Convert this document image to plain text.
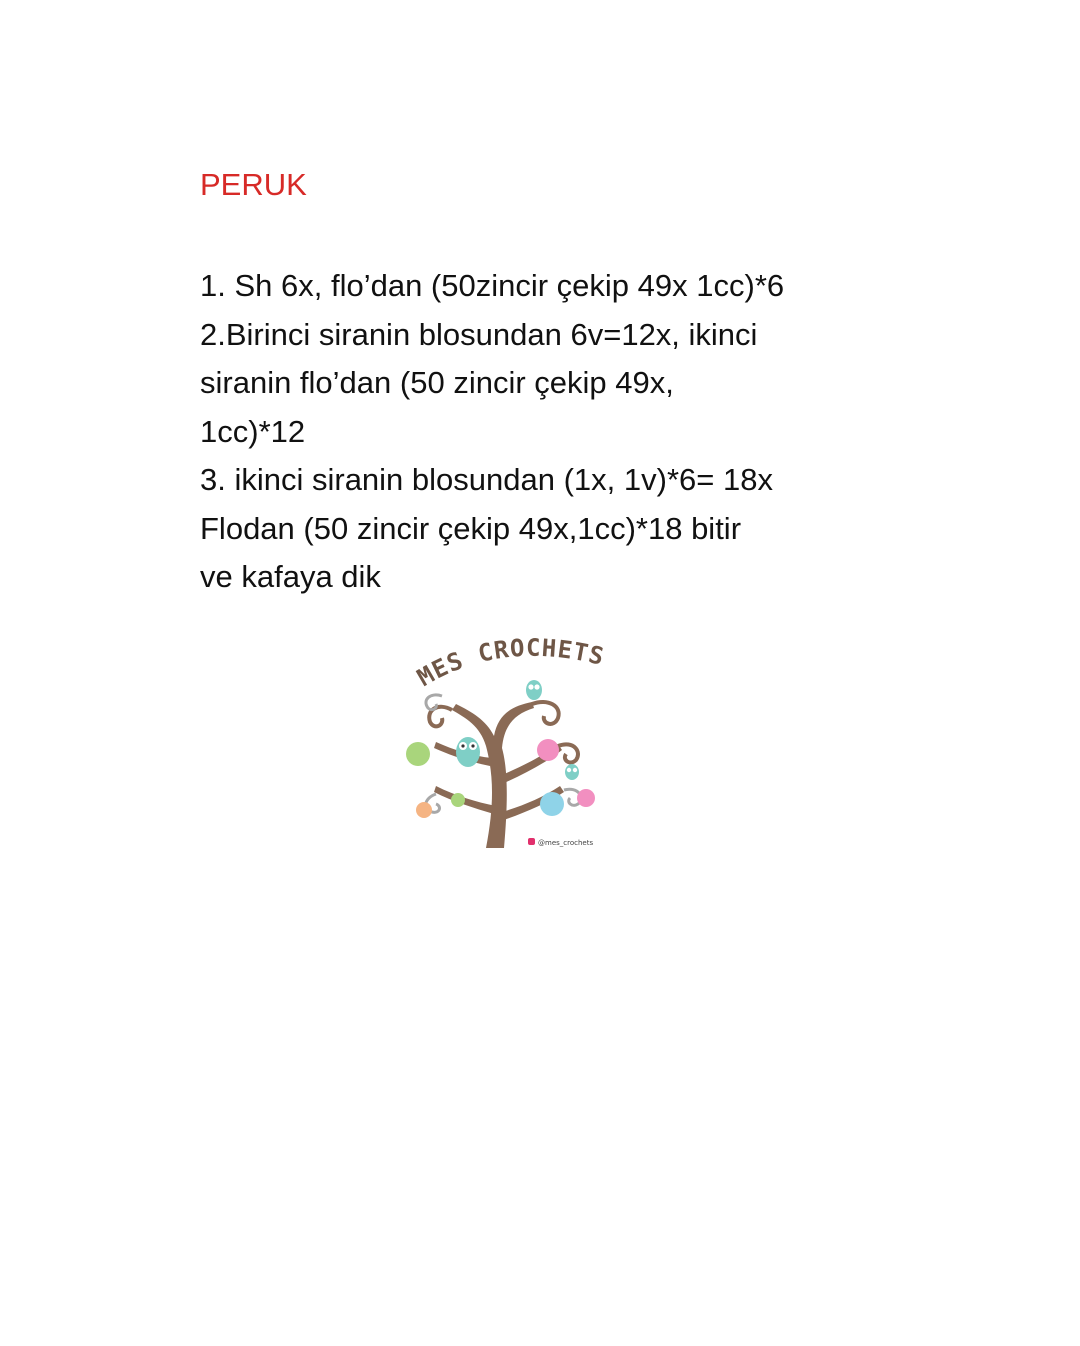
PERUK
1. Sh 6x, flo’dan (50zincir çekip 49x 1cc)*6
2.Birinci siranin blosundan 6v=12x, ikinci
siranin flo’dan (50 zincir çekip 49x,
1cc)*12
3. ikinci siranin blosundan (1x, 1v)*6= 18x
Flodan (50 zincir çekip 49x,1cc)*18 bitir
ve kafaya dik
MES CROCHETS
@mes_crochets
